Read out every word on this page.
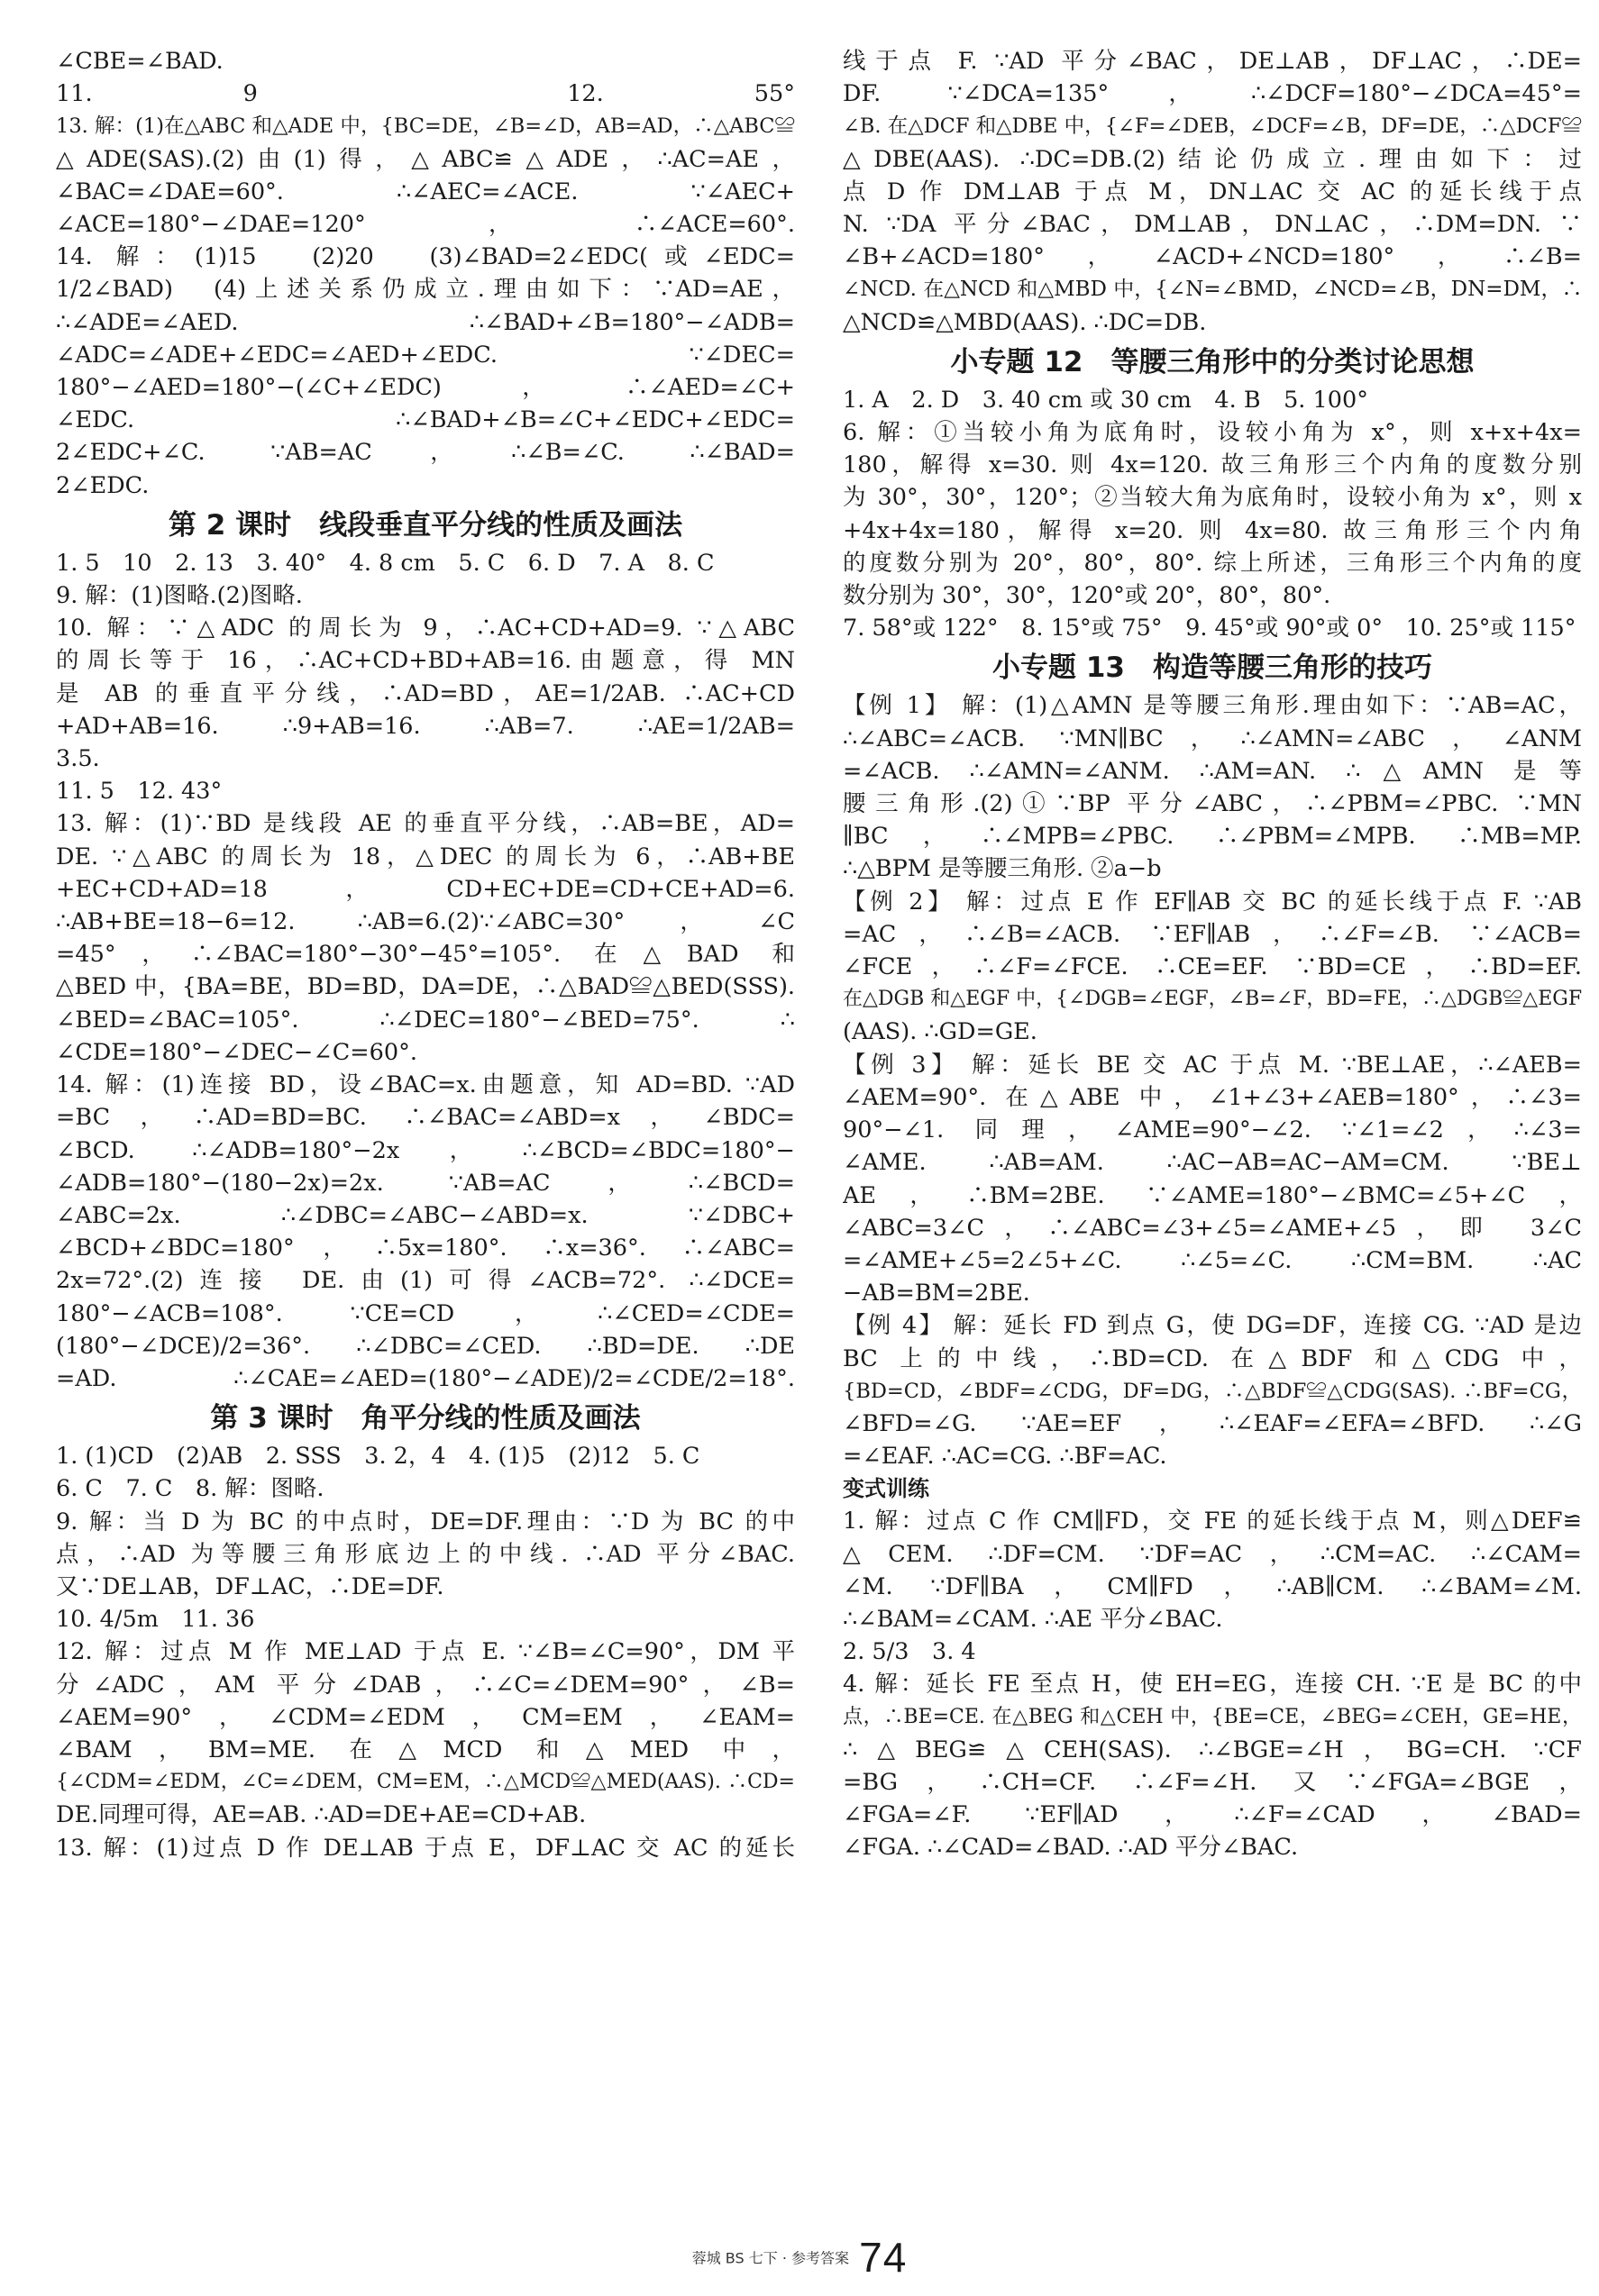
∠CBE=∠BAD.
11. 9　12. 55°
13. 解：(1)在△ABC 和△ADE 中，{BC=DE，∠B=∠D，AB=AD，∴△ABC≌
△ADE(SAS).(2)由(1)得，△ABC≌△ADE，∴AC=AE，
∠BAC=∠DAE=60°. ∴∠AEC=∠ACE. ∵∠AEC+
∠ACE=180°−∠DAE=120°，∴∠ACE=60°.
14. 解：(1)15　(2)20　(3)∠BAD=2∠EDC(或∠EDC=
1/2∠BAD)　(4)上述关系仍成立.理由如下：∵AD=AE，
∴∠ADE=∠AED. ∴∠BAD+∠B=180°−∠ADB=
∠ADC=∠ADE+∠EDC=∠AED+∠EDC. ∵∠DEC=
180°−∠AED=180°−(∠C+∠EDC)，∴∠AED=∠C+
∠EDC. ∴∠BAD+∠B=∠C+∠EDC+∠EDC=
2∠EDC+∠C. ∵AB=AC，∴∠B=∠C. ∴∠BAD=
2∠EDC.
第 2 课时　线段垂直平分线的性质及画法
1. 5　10　2. 13　3. 40°　4. 8 cm　5. C　6. D　7. A　8. C
9. 解：(1)图略.(2)图略.
10. 解：∵△ADC 的周长为 9，∴AC+CD+AD=9. ∵△ABC
的周长等于 16，∴AC+CD+BD+AB=16.由题意，得 MN
是 AB 的垂直平分线，∴AD=BD，AE=1/2AB. ∴AC+CD
+AD+AB=16. ∴9+AB=16. ∴AB=7. ∴AE=1/2AB=
3.5.
11. 5　12. 43°
13. 解：(1)∵BD 是线段 AE 的垂直平分线，∴AB=BE，AD=
DE. ∵△ABC 的周长为 18，△DEC 的周长为 6，∴AB+BE
+EC+CD+AD=18，CD+EC+DE=CD+CE+AD=6.
∴AB+BE=18−6=12. ∴AB=6.(2)∵∠ABC=30°，∠C
=45°，∴∠BAC=180°−30°−45°=105°. 在△BAD 和
△BED 中，{BA=BE，BD=BD，DA=DE，∴△BAD≌△BED(SSS).
∠BED=∠BAC=105°. ∴∠DEC=180°−∠BED=75°. ∴
∠CDE=180°−∠DEC−∠C=60°.
14. 解：(1)连接 BD，设∠BAC=x.由题意，知 AD=BD. ∵AD
=BC，∴AD=BD=BC. ∴∠BAC=∠ABD=x，∠BDC=
∠BCD. ∴∠ADB=180°−2x，∴∠BCD=∠BDC=180°−
∠ADB=180°−(180−2x)=2x. ∵AB=AC，∴∠BCD=
∠ABC=2x. ∴∠DBC=∠ABC−∠ABD=x. ∵∠DBC+
∠BCD+∠BDC=180°，∴5x=180°. ∴x=36°. ∴∠ABC=
2x=72°.(2)连接 DE.由(1)可得∠ACB=72°. ∴∠DCE=
180°−∠ACB=108°. ∵CE=CD，∴∠CED=∠CDE=
(180°−∠DCE)/2=36°. ∴∠DBC=∠CED. ∴BD=DE. ∴DE
=AD. ∴∠CAE=∠AED=(180°−∠ADE)/2=∠CDE/2=18°.
第 3 课时　角平分线的性质及画法
1. (1)CD　(2)AB　2. SSS　3. 2，4　4. (1)5　(2)12　5. C
6. C　7. C　8. 解：图略.
9. 解：当 D 为 BC 的中点时，DE=DF.理由：∵D 为 BC 的中
点，∴AD 为等腰三角形底边上的中线. ∴AD 平分∠BAC.
又∵DE⊥AB，DF⊥AC，∴DE=DF.
10. 4/5m　11. 36
12. 解：过点 M 作 ME⊥AD 于点 E. ∵∠B=∠C=90°，DM 平
分∠ADC，AM 平分∠DAB，∴∠C=∠DEM=90°，∠B=
∠AEM=90°，∠CDM=∠EDM，CM=EM，∠EAM=
∠BAM，BM=ME. 在△MCD 和△MED 中，
{∠CDM=∠EDM，∠C=∠DEM，CM=EM，∴△MCD≌△MED(AAS). ∴CD=
DE.同理可得，AE=AB. ∴AD=DE+AE=CD+AB.
13. 解：(1)过点 D 作 DE⊥AB 于点 E，DF⊥AC 交 AC 的延长
线于点 F. ∵AD 平分∠BAC，DE⊥AB，DF⊥AC，∴DE=
DF. ∵∠DCA=135°，∴∠DCF=180°−∠DCA=45°=
∠B. 在△DCF 和△DBE 中，{∠F=∠DEB，∠DCF=∠B，DF=DE，∴△DCF≌
△DBE(AAS). ∴DC=DB.(2)结论仍成立.理由如下：过
点 D 作 DM⊥AB 于点 M，DN⊥AC 交 AC 的延长线于点
N. ∵DA 平分∠BAC，DM⊥AB，DN⊥AC，∴DM=DN. ∵
∠B+∠ACD=180°，∠ACD+∠NCD=180°，∴∠B=
∠NCD. 在△NCD 和△MBD 中，{∠N=∠BMD，∠NCD=∠B，DN=DM，∴
△NCD≌△MBD(AAS). ∴DC=DB.
小专题 12　等腰三角形中的分类讨论思想
1. A　2. D　3. 40 cm 或 30 cm　4. B　5. 100°
6. 解：①当较小角为底角时，设较小角为 x°，则 x+x+4x=
180，解得 x=30. 则 4x=120. 故三角形三个内角的度数分别
为 30°，30°，120°；②当较大角为底角时，设较小角为 x°，则 x
+4x+4x=180，解得 x=20. 则 4x=80. 故三角形三个内角
的度数分别为 20°，80°，80°. 综上所述，三角形三个内角的度
数分别为 30°，30°，120°或 20°，80°，80°.
7. 58°或 122°　8. 15°或 75°　9. 45°或 90°或 0°　10. 25°或 115°
小专题 13　构造等腰三角形的技巧
【例 1】 解：(1)△AMN 是等腰三角形.理由如下：∵AB=AC，
∴∠ABC=∠ACB. ∵MN∥BC，∴∠AMN=∠ABC，∠ANM
=∠ACB. ∴∠AMN=∠ANM. ∴AM=AN. ∴△AMN 是等
腰三角形.(2)①∵BP 平分∠ABC，∴∠PBM=∠PBC. ∵MN
∥BC，∴∠MPB=∠PBC. ∴∠PBM=∠MPB. ∴MB=MP.
∴△BPM 是等腰三角形. ②a−b
【例 2】 解：过点 E 作 EF∥AB 交 BC 的延长线于点 F. ∵AB
=AC，∴∠B=∠ACB. ∵EF∥AB，∴∠F=∠B. ∵∠ACB=
∠FCE，∴∠F=∠FCE. ∴CE=EF. ∵BD=CE，∴BD=EF.
在△DGB 和△EGF 中，{∠DGB=∠EGF，∠B=∠F，BD=FE，∴△DGB≌△EGF
(AAS). ∴GD=GE.
【例 3】 解：延长 BE 交 AC 于点 M. ∵BE⊥AE，∴∠AEB=
∠AEM=90°. 在△ABE 中，∠1+∠3+∠AEB=180°，∴∠3=
90°−∠1. 同理，∠AME=90°−∠2. ∵∠1=∠2，∴∠3=
∠AME. ∴AB=AM. ∴AC−AB=AC−AM=CM. ∵BE⊥
AE，∴BM=2BE. ∵∠AME=180°−∠BMC=∠5+∠C，
∠ABC=3∠C，∴∠ABC=∠3+∠5=∠AME+∠5，即 3∠C
=∠AME+∠5=2∠5+∠C. ∴∠5=∠C. ∴CM=BM. ∴AC
−AB=BM=2BE.
【例 4】 解：延长 FD 到点 G，使 DG=DF，连接 CG. ∵AD 是边
BC 上的中线，∴BD=CD. 在△BDF 和△CDG 中，
{BD=CD，∠BDF=∠CDG，DF=DG，∴△BDF≌△CDG(SAS). ∴BF=CG，
∠BFD=∠G. ∵AE=EF，∴∠EAF=∠EFA=∠BFD. ∴∠G
=∠EAF. ∴AC=CG. ∴BF=AC.
变式训练
1. 解：过点 C 作 CM∥FD，交 FE 的延长线于点 M，则△DEF≌
△CEM. ∴DF=CM. ∵DF=AC，∴CM=AC. ∴∠CAM=
∠M. ∵DF∥BA，CM∥FD，∴AB∥CM. ∴∠BAM=∠M.
∴∠BAM=∠CAM. ∴AE 平分∠BAC.
2. 5/3　3. 4
4. 解：延长 FE 至点 H，使 EH=EG，连接 CH. ∵E 是 BC 的中
点，∴BE=CE. 在△BEG 和△CEH 中，{BE=CE，∠BEG=∠CEH，GE=HE，
∴△BEG≌△CEH(SAS). ∴∠BGE=∠H，BG=CH. ∵CF
=BG，∴CH=CF. ∴∠F=∠H. 又∵∠FGA=∠BGE，
∠FGA=∠F. ∵EF∥AD，∴∠F=∠CAD，∠BAD=
∠FGA. ∴∠CAD=∠BAD. ∴AD 平分∠BAC.
蓉城 BS 七下 · 参考答案 74
